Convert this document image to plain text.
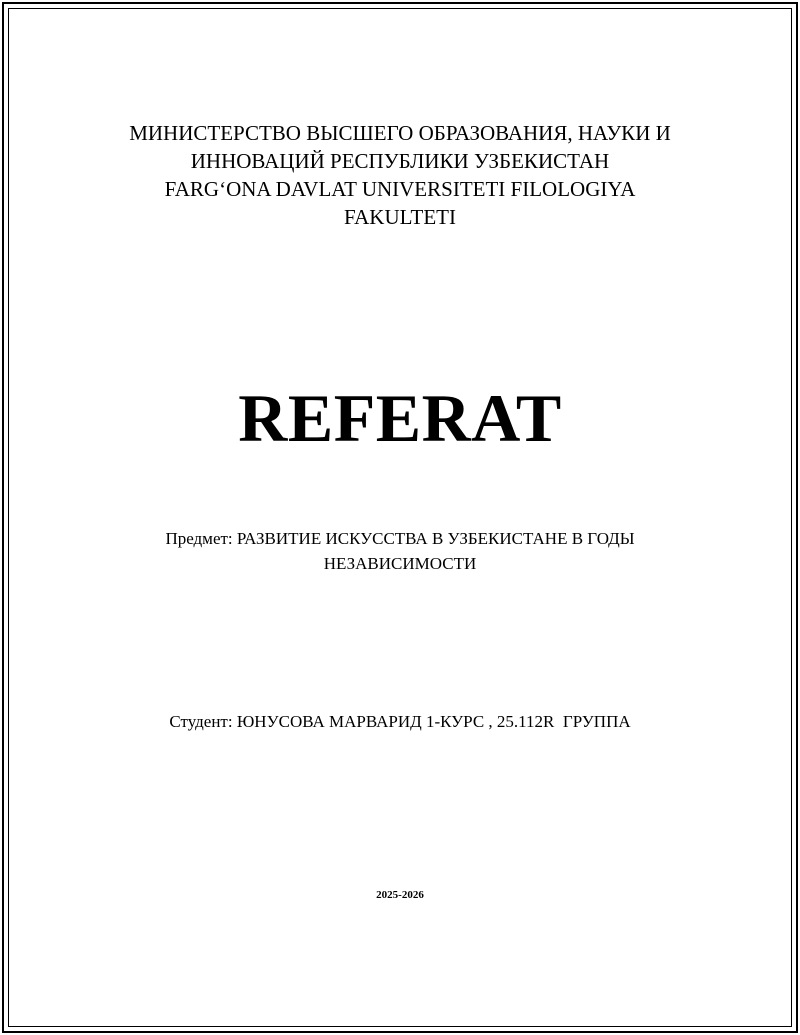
МИНИСТЕРСТВО ВЫСШЕГО ОБРАЗОВАНИЯ, НАУКИ И
ИННОВАЦИЙ РЕСПУБЛИКИ УЗБЕКИСТАН
FARG‘ONA DAVLAT UNIVERSITETI FILOLOGIYA
FAKULTETI
REFERAT
Предмет: РАЗВИТИЕ ИСКУССТВА В УЗБЕКИСТАНЕ В ГОДЫ
НЕЗАВИСИМОСТИ
Студент: ЮНУСОВА МАРВАРИД 1-КУРС , 25.112R  ГРУППА
2025-2026
